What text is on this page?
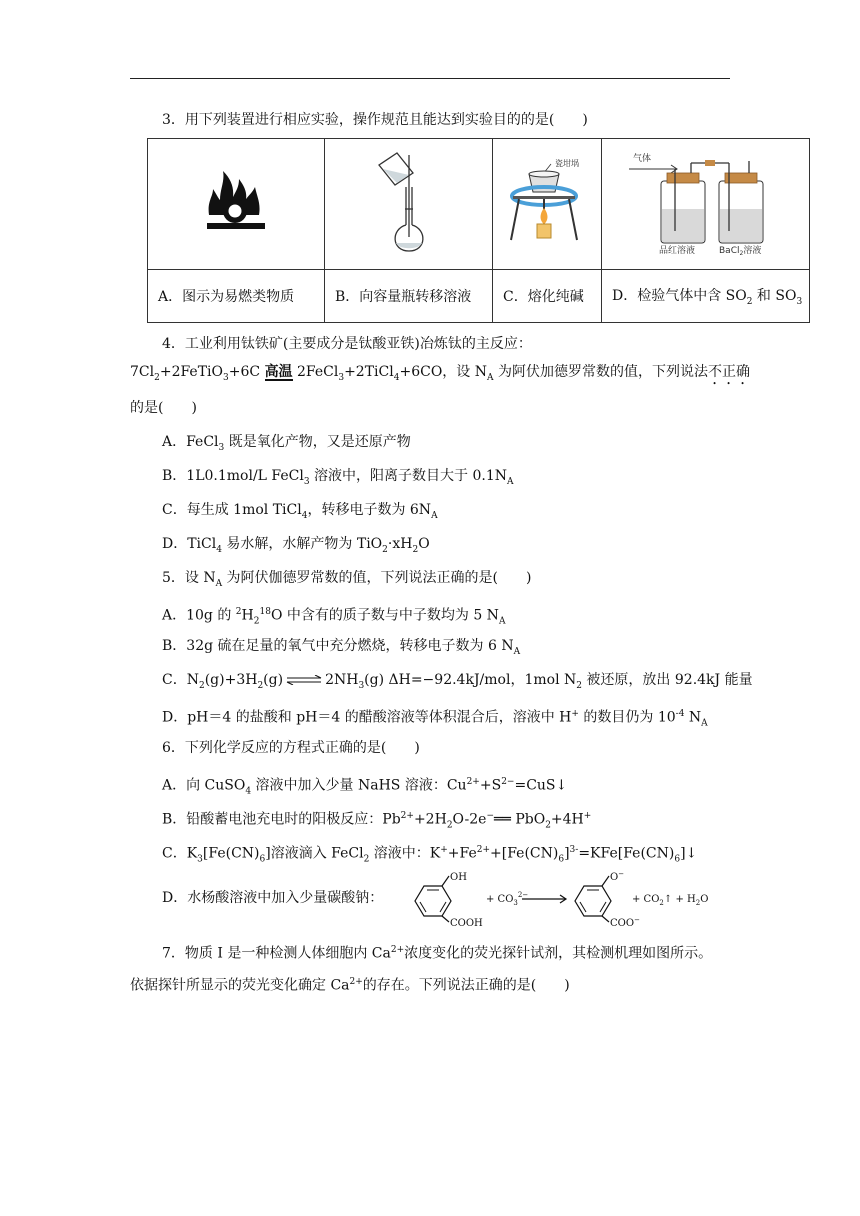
3．用下列装置进行相应实验，操作规范且能达到实验目的的是(　　)

瓷坩埚	气体
品红溶液 BaCl$_2$溶液

A．图示为易燃类物质	B．向容量瓶转移溶液	C．熔化纯碱	D．检验气体中含 $SO_2$ 和 $SO_3$
4．工业利用钛铁矿(主要成分是钛酸亚铁)冶炼钛的主反应：
$7Cl_2+2FeTiO_3+6C$ 高温 2FeCl$_3$+2TiCl$_4$+6CO，设 $N_A$ 为阿伏加德罗常数的值，下列说法不正确
的是(　　)
A．FeCl$_3$ 既是氧化产物，又是还原产物
B．1L0.1mol/L FeCl$_3$ 溶液中，阳离子数目大于 $0.1N_A$
C．每生成 1mol TiCl$_4$，转移电子数为 $6N_A$
D．TiCl$_4$ 易水解，水解产物为 $TiO_2\cdot xH_2O$
5．设 $N_A$ 为阿伏伽德罗常数的值，下列说法正确的是(　　)
A．10g 的 $^2H_2^{18}O$ 中含有的质子数与中子数均为 5 $N_A$
B．32g 硫在足量的氧气中充分燃烧，转移电子数为 6 $N_A$
C．$N_2(g)+3H_2(g)$ ⇌ $2NH_3(g)$ ΔH=−92.4kJ/mol，1mol $N_2$ 被还原，放出 92.4kJ 能量
D．pH＝4 的盐酸和 pH＝4 的醋酸溶液等体积混合后，溶液中 H+ 的数目仍为 $10^{-4}$ $N_A$
6．下列化学反应的方程式正确的是(　　)
A．向 CuSO$_4$ 溶液中加入少量 NaHS 溶液：$Cu^{2+}+S^{2-}=CuS↓$
B．铅酸蓄电池充电时的阳极反应：$Pb^{2+}+2H_2O-2e^-══$ PbO$_2$+4H+
C．$K_3[Fe(CN)_6]$溶液滴入 FeCl$_2$ 溶液中：$K^++Fe^{2+}+[Fe(CN)_6]^{3-}=KFe[Fe(CN)_6]↓$
D．水杨酸溶液中加入少量碳酸钠：
OH
COOH
+ $CO_3^{2-}$
O−
COO−
+ $CO_2↑ + H_2O$
7．物质 I 是一种检测人体细胞内 $Ca^{2+}$浓度变化的荧光探针试剂，其检测机理如图所示。
依据探针所显示的荧光变化确定 $Ca^{2+}$的存在。下列说法正确的是(　　)
